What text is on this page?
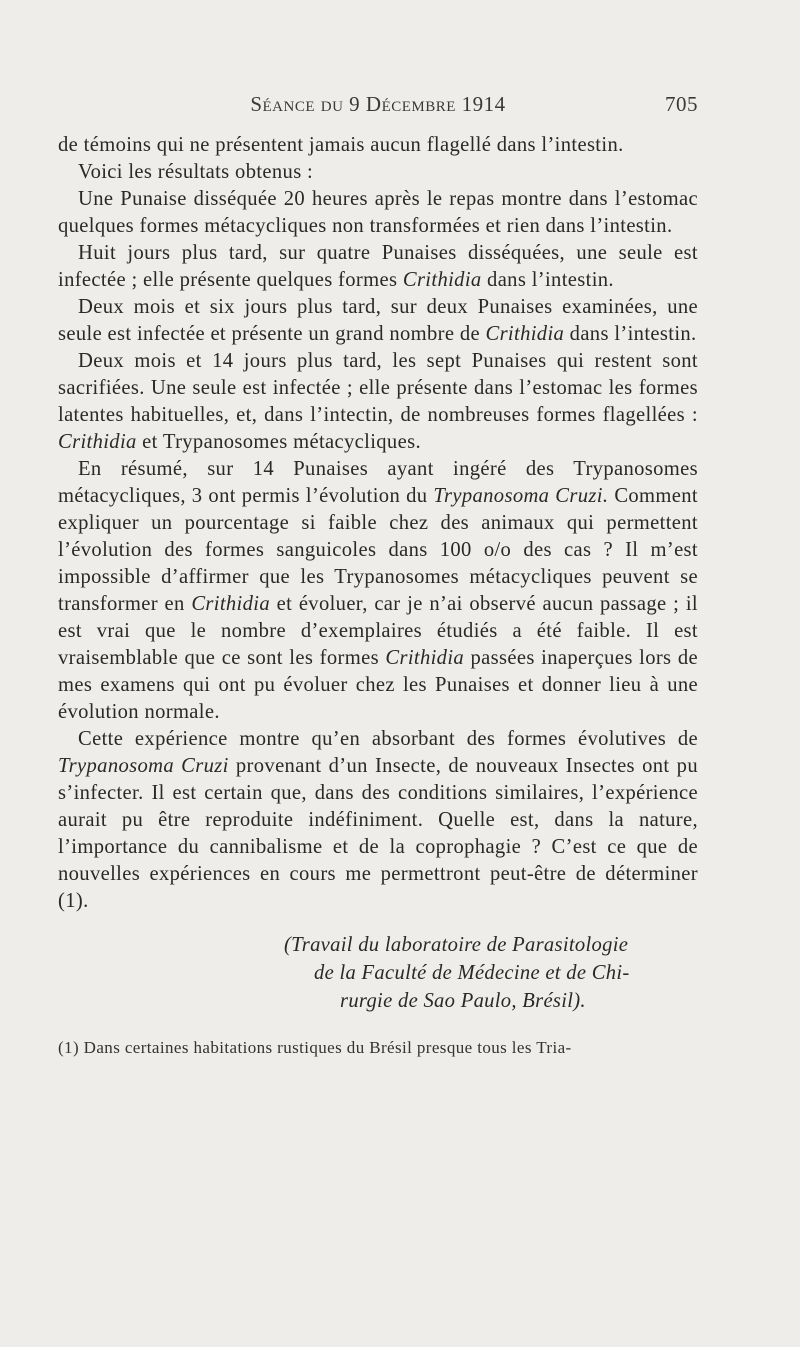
Séance du 9 Décembre 1914	705

de témoins qui ne présentent jamais aucun flagellé dans l’intestin.

Voici les résultats obtenus :

Une Punaise disséquée 20 heures après le repas montre dans l’estomac quelques formes métacycliques non transformées et rien dans l’intestin.

Huit jours plus tard, sur quatre Punaises disséquées, une seule est infectée ; elle présente quelques formes Crithidia dans l’intestin.

Deux mois et six jours plus tard, sur deux Punaises examinées, une seule est infectée et présente un grand nombre de Crithidia dans l’intestin.

Deux mois et 14 jours plus tard, les sept Punaises qui restent sont sacrifiées. Une seule est infectée ; elle présente dans l’estomac les formes latentes habituelles, et, dans l’intectin, de nombreuses formes flagellées : Crithidia et Trypanosomes métacycliques.

En résumé, sur 14 Punaises ayant ingéré des Trypanosomes métacycliques, 3 ont permis l’évolution du Trypanosoma Cruzi. Comment expliquer un pourcentage si faible chez des animaux qui permettent l’évolution des formes sanguicoles dans 100 o/o des cas ? Il m’est impossible d’affirmer que les Trypanosomes métacycliques peuvent se transformer en Crithidia et évoluer, car je n’ai observé aucun passage ; il est vrai que le nombre d’exemplaires étudiés a été faible. Il est vraisemblable que ce sont les formes Crithidia passées inaperçues lors de mes examens qui ont pu évoluer chez les Punaises et donner lieu à une évolution normale.

Cette expérience montre qu’en absorbant des formes évolutives de Trypanosoma Cruzi provenant d’un Insecte, de nouveaux Insectes ont pu s’infecter. Il est certain que, dans des conditions similaires, l’expérience aurait pu être reproduite indéfiniment. Quelle est, dans la nature, l’importance du cannibalisme et de la coprophagie ? C’est ce que de nouvelles expériences en cours me permettront peut-être de déterminer (1).

(Travail du laboratoire de Parasitologie
de la Faculté de Médecine et de Chi-
rurgie de Sao Paulo, Brésil).
(1) Dans certaines habitations rustiques du Brésil presque tous les Tria-
